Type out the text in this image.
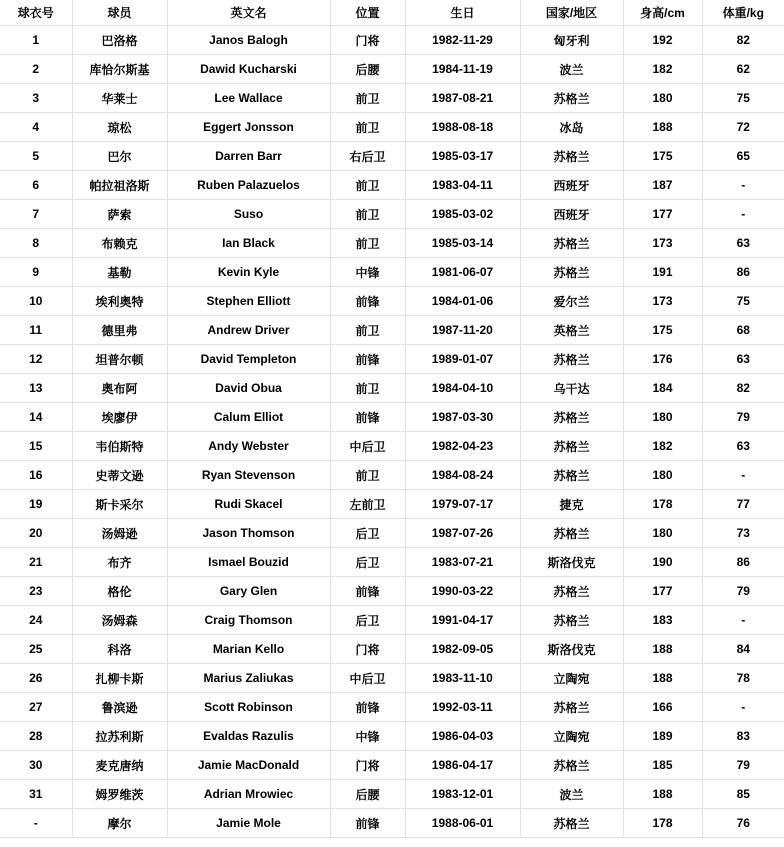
球衣号	球员	英文名	位置	生日	国家/地区	身高/cm	体重/kg
1	巴洛格	Janos Balogh	门将	1982-11-29	匈牙利	192	82
2	库恰尔斯基	Dawid Kucharski	后腰	1984-11-19	波兰	182	62
3	华莱士	Lee Wallace	前卫	1987-08-21	苏格兰	180	75
4	琼松	Eggert Jonsson	前卫	1988-08-18	冰岛	188	72
5	巴尔	Darren Barr	右后卫	1985-03-17	苏格兰	175	65
6	帕拉祖洛斯	Ruben Palazuelos	前卫	1983-04-11	西班牙	187	-
7	萨索	Suso	前卫	1985-03-02	西班牙	177	-
8	布赖克	Ian Black	前卫	1985-03-14	苏格兰	173	63
9	基勒	Kevin Kyle	中锋	1981-06-07	苏格兰	191	86
10	埃利奥特	Stephen Elliott	前锋	1984-01-06	爱尔兰	173	75
11	德里弗	Andrew Driver	前卫	1987-11-20	英格兰	175	68
12	坦普尔顿	David Templeton	前锋	1989-01-07	苏格兰	176	63
13	奥布阿	David Obua	前卫	1984-04-10	乌干达	184	82
14	埃廖伊	Calum Elliot	前锋	1987-03-30	苏格兰	180	79
15	韦伯斯特	Andy Webster	中后卫	1982-04-23	苏格兰	182	63
16	史蒂文逊	Ryan Stevenson	前卫	1984-08-24	苏格兰	180	-
19	斯卡采尔	Rudi Skacel	左前卫	1979-07-17	捷克	178	77
20	汤姆逊	Jason Thomson	后卫	1987-07-26	苏格兰	180	73
21	布齐	Ismael Bouzid	后卫	1983-07-21	斯洛伐克	190	86
23	格伦	Gary Glen	前锋	1990-03-22	苏格兰	177	79
24	汤姆森	Craig Thomson	后卫	1991-04-17	苏格兰	183	-
25	科洛	Marian Kello	门将	1982-09-05	斯洛伐克	188	84
26	扎柳卡斯	Marius Zaliukas	中后卫	1983-11-10	立陶宛	188	78
27	鲁滨逊	Scott Robinson	前锋	1992-03-11	苏格兰	166	-
28	拉苏利斯	Evaldas Razulis	中锋	1986-04-03	立陶宛	189	83
30	麦克唐纳	Jamie MacDonald	门将	1986-04-17	苏格兰	185	79
31	姆罗维茨	Adrian Mrowiec	后腰	1983-12-01	波兰	188	85
-	摩尔	Jamie Mole	前锋	1988-06-01	苏格兰	178	76
